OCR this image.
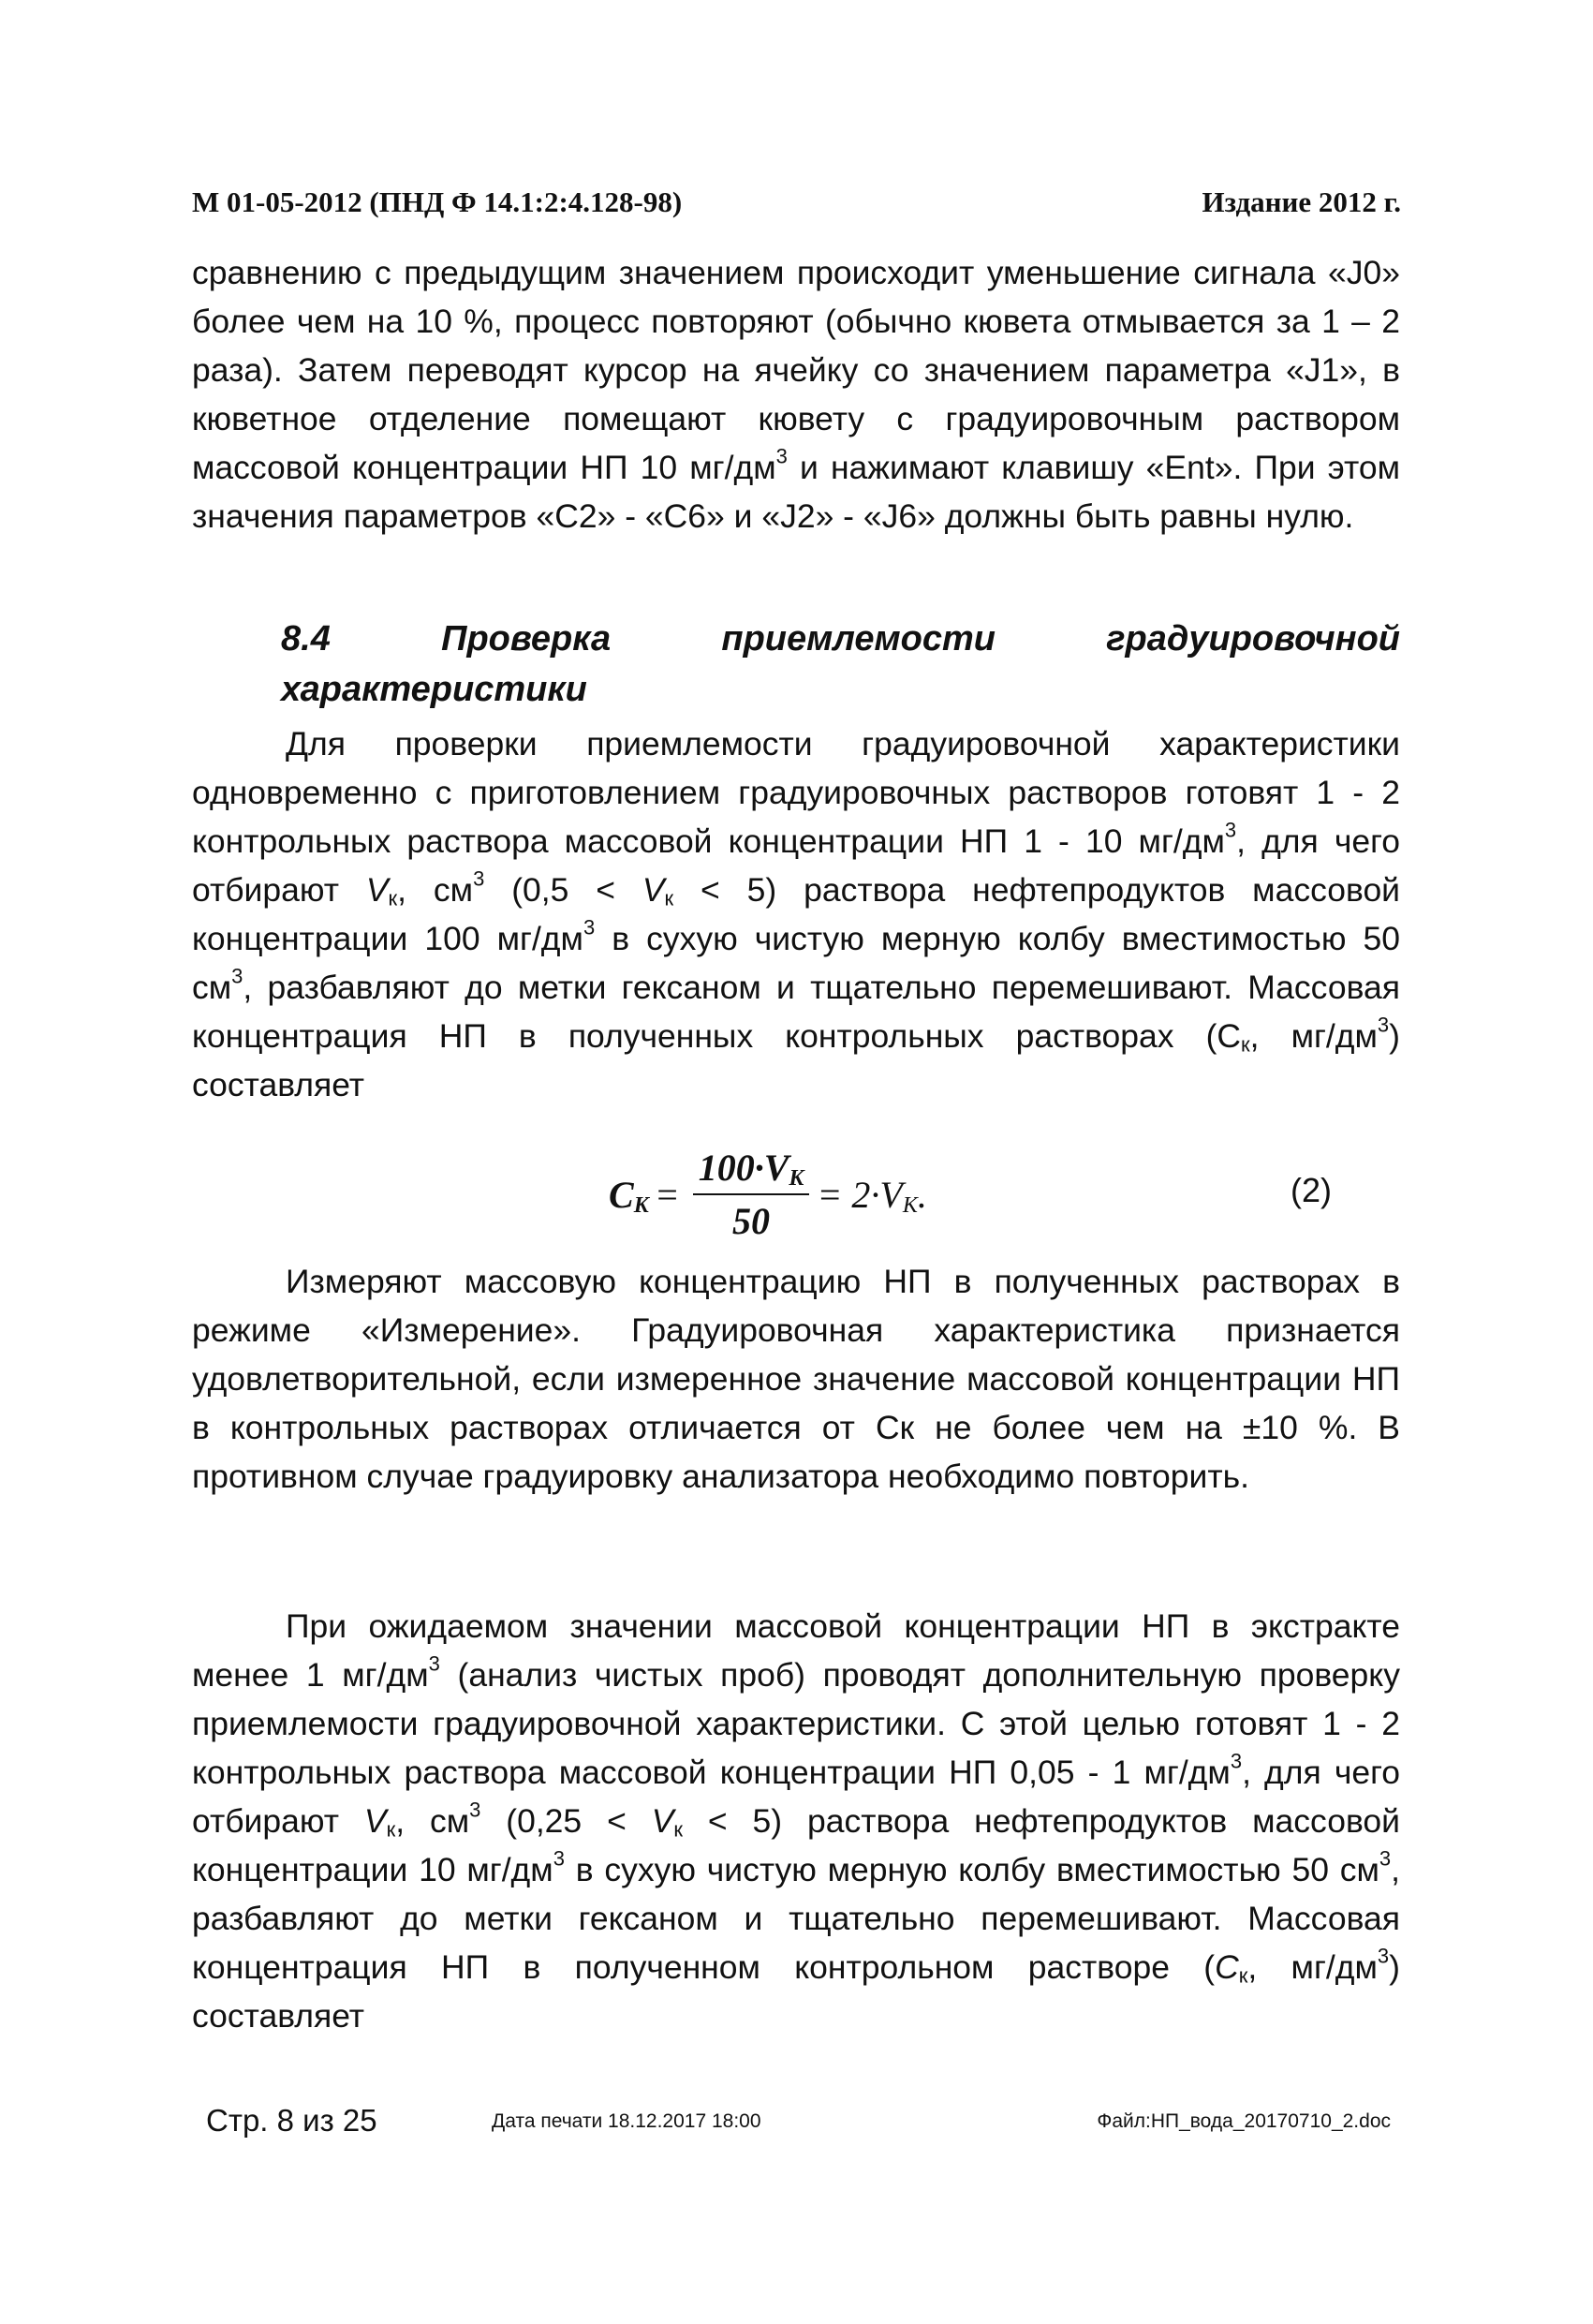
М 01-05-2012 (ПНД Ф 14.1:2:4.128-98)	Издание 2012 г.

сравнению с предыдущим значением происходит уменьшение сигнала «J0» более чем на 10 %, процесс повторяют (обычно кювета отмывается за 1 – 2 раза). Затем переводят курсор на ячейку со значением параметра «J1», в кюветное отделение помещают кювету с градуировочным раствором массовой концентрации НП 10 $мг/дм^3$ и нажимают клавишу «Ent». При этом значения параметров «C2» - «C6» и «J2» - «J6» должны быть равны нулю.

8.4 Проверка приемлемости градуировочной характеристики

Для проверки приемлемости градуировочной характеристики одновременно с приготовлением градуировочных растворов готовят 1 - 2 контрольных раствора массовой концентрации НП 1 - 10 $мг/дм^3$, для чего отбирают $V_к$, $см^3$ $(0,5 < V_к < 5)$ раствора нефтепродуктов массовой концентрации 100 $мг/дм^3$ в сухую чистую мерную колбу вместимостью 50 $см^3$, разбавляют до метки гексаном и тщательно перемешивают. Массовая концентрация НП в полученных контрольных растворах ($С_к$, $мг/дм^3$) составляет

$C_K = \frac{100\cdot V_K}{50} = 2\cdot V_K$.	(2)

Измеряют массовую концентрацию НП в полученных растворах в режиме «Измерение». Градуировочная характеристика признается удовлетворительной, если измеренное значение массовой концентрации НП в контрольных растворах отличается от Ск не более чем на ±10 %. В противном случае градуировку анализатора необходимо повторить.

При ожидаемом значении массовой концентрации НП в экстракте менее 1 $мг/дм^3$ (анализ чистых проб) проводят дополнительную проверку приемлемости градуировочной характеристики. С этой целью готовят 1 - 2 контрольных раствора массовой концентрации НП 0,05 - 1 $мг/дм^3$, для чего отбирают $V_к$, $см^3$ $(0,25 < V_к < 5)$ раствора нефтепродуктов массовой концентрации 10 $мг/дм^3$ в сухую чистую мерную колбу вместимостью 50 $см^3$, разбавляют до метки гексаном и тщательно перемешивают. Массовая концентрация НП в полученном контрольном растворе ($С_к$, $мг/дм^3$) составляет

Стр. 8 из 25	Дата печати 18.12.2017 18:00	Файл:НП_вода_20170710_2.doc
